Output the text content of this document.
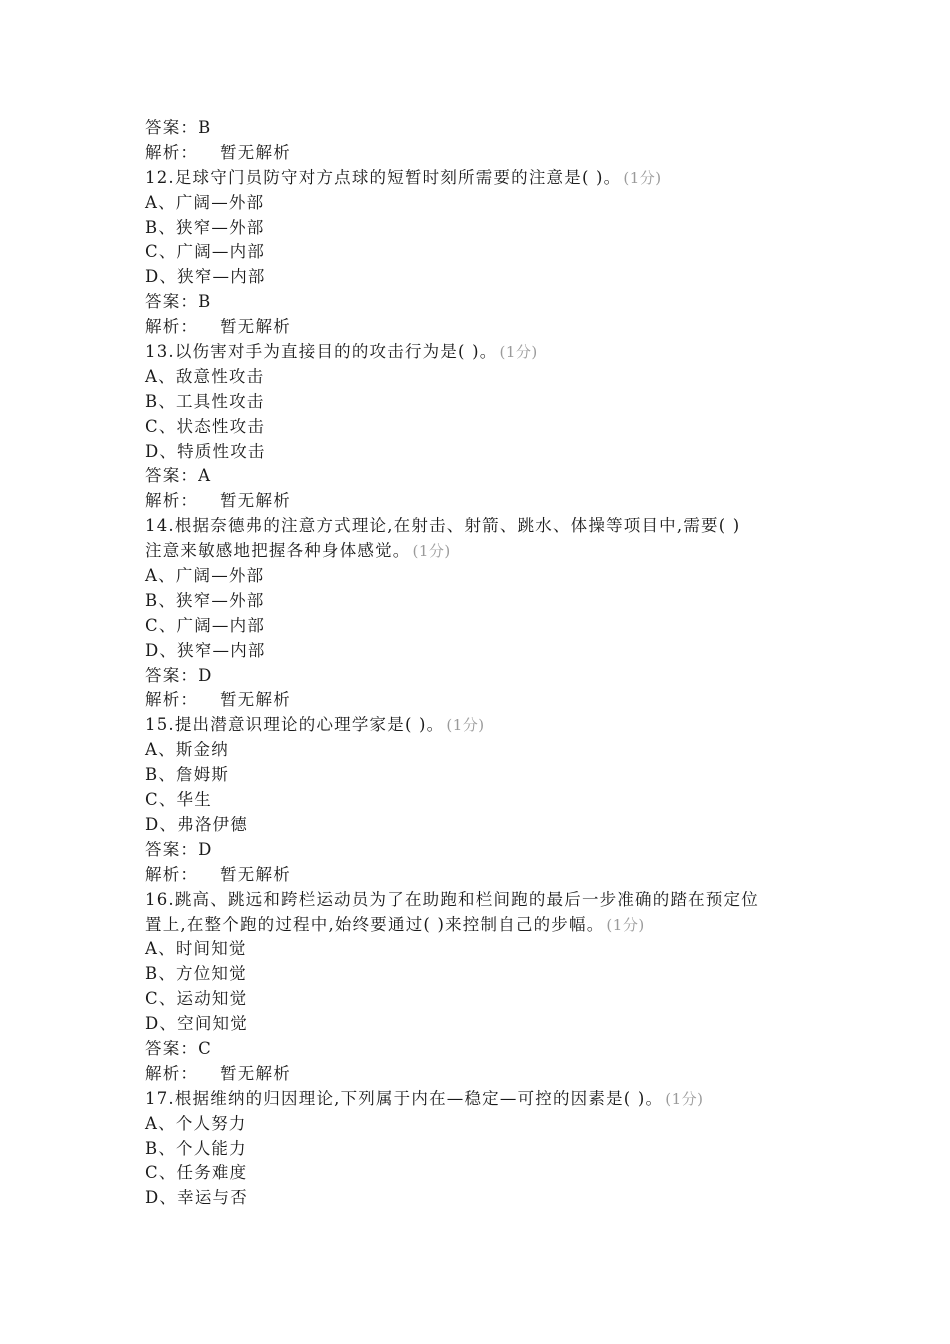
答案：B
解析： 暂无解析
12.足球守门员防守对方点球的短暂时刻所需要的注意是( )。 (1分)
A、广阔—外部
B、狭窄—外部
C、广阔—内部
D、狭窄—内部
答案：B
解析： 暂无解析
13.以伤害对手为直接目的的攻击行为是( )。 (1分)
A、敌意性攻击
B、工具性攻击
C、状态性攻击
D、特质性攻击
答案：A
解析： 暂无解析
14.根据奈德弗的注意方式理论,在射击、射箭、跳水、体操等项目中,需要( )
注意来敏感地把握各种身体感觉。 (1分)
A、广阔—外部
B、狭窄—外部
C、广阔—内部
D、狭窄—内部
答案：D
解析： 暂无解析
15.提出潜意识理论的心理学家是( )。 (1分)
A、斯金纳
B、詹姆斯
C、华生
D、弗洛伊德
答案：D
解析： 暂无解析
16.跳高、跳远和跨栏运动员为了在助跑和栏间跑的最后一步准确的踏在预定位
置上,在整个跑的过程中,始终要通过( )来控制自己的步幅。 (1分)
A、时间知觉
B、方位知觉
C、运动知觉
D、空间知觉
答案：C
解析： 暂无解析
17.根据维纳的归因理论,下列属于内在—稳定—可控的因素是( )。 (1分)
A、个人努力
B、个人能力
C、任务难度
D、幸运与否
